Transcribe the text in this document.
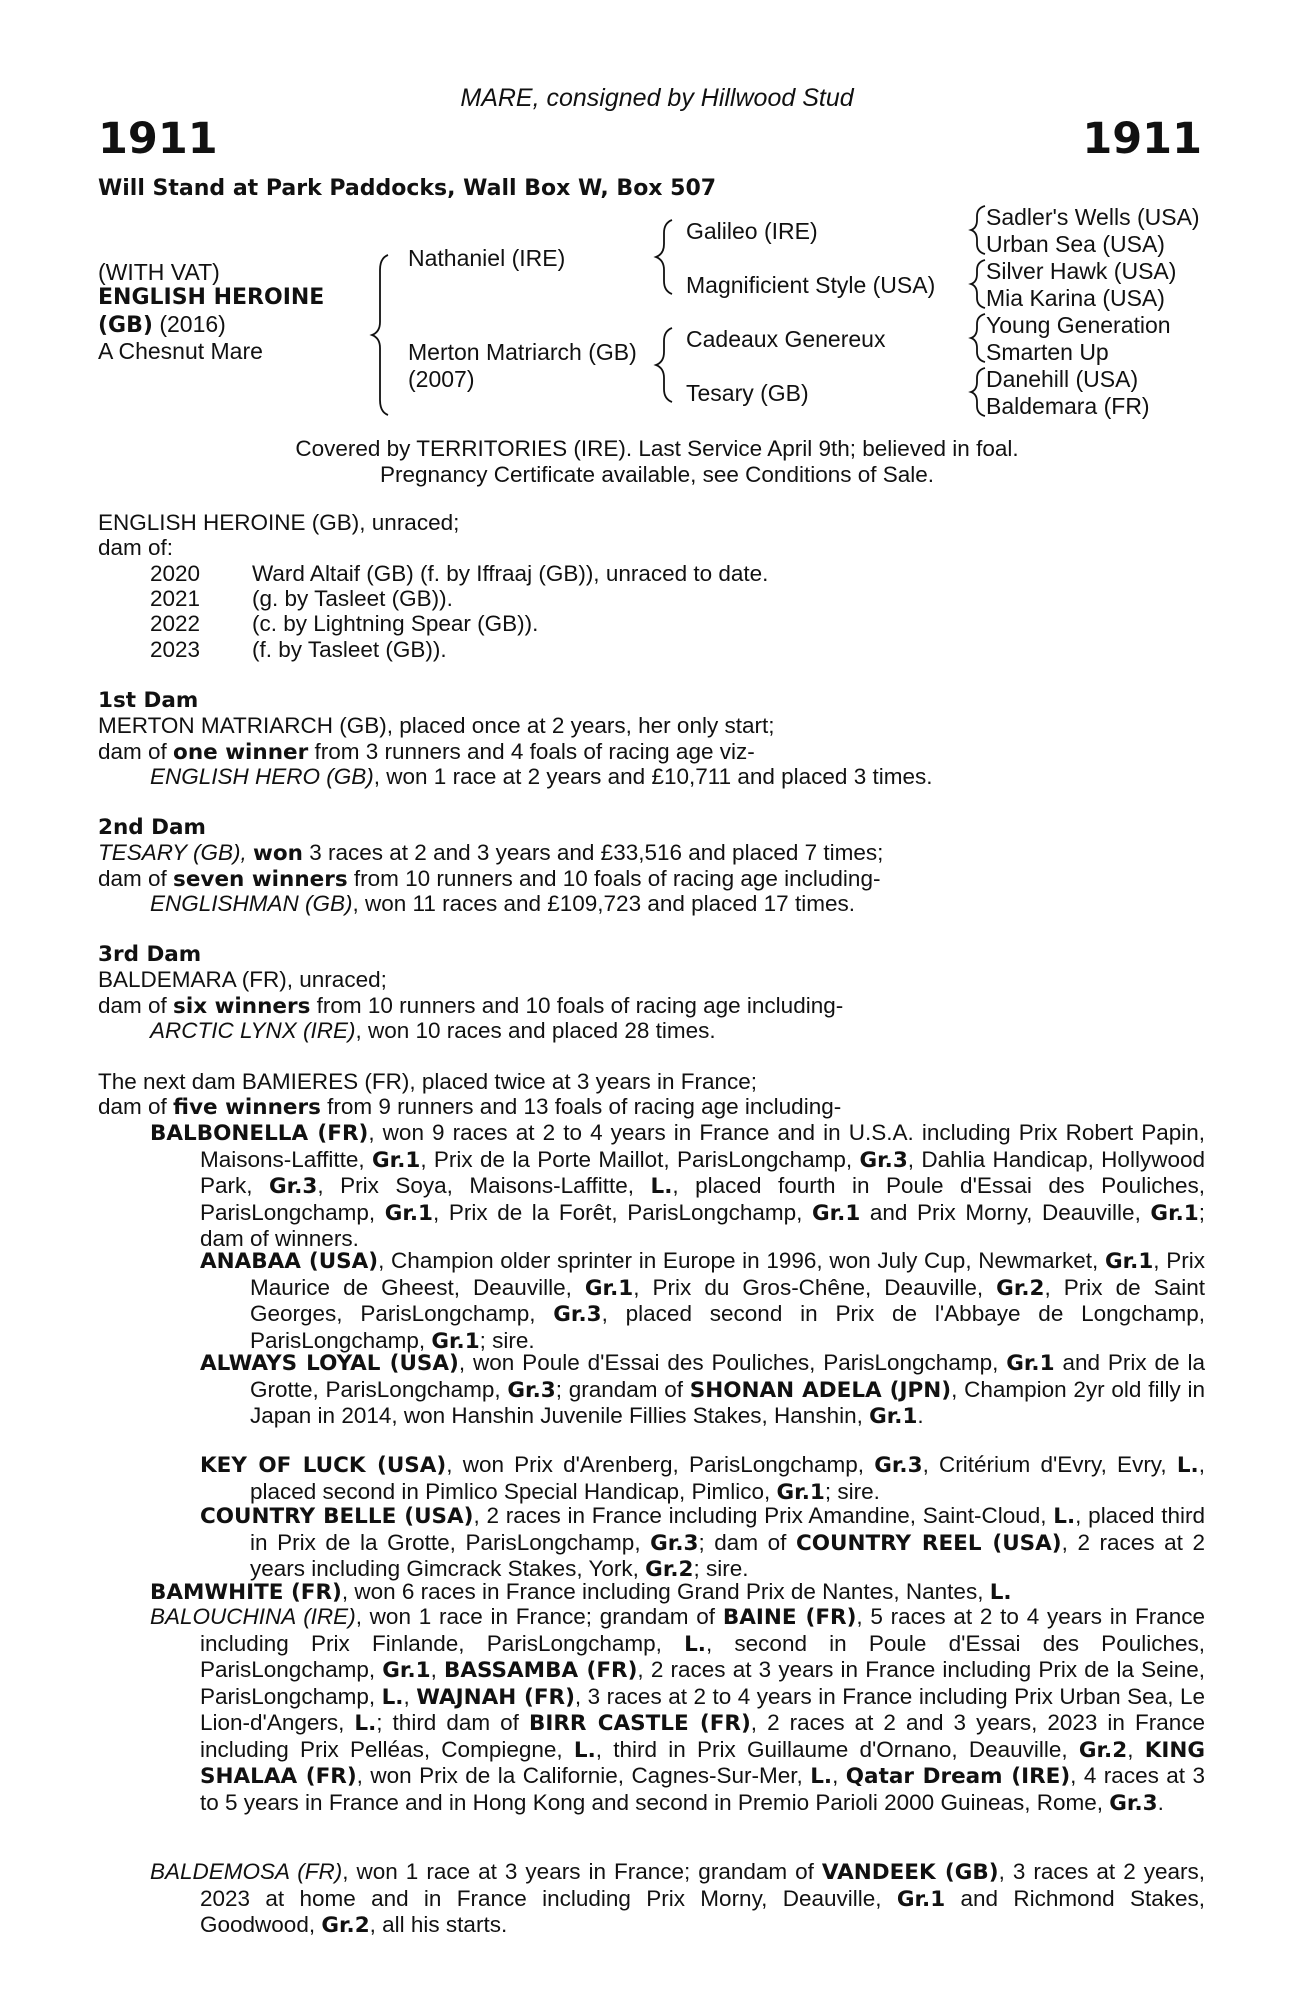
MARE, consigned by Hillwood Stud
1911	1911
Will Stand at Park Paddocks, Wall Box W, Box 507
(WITH VAT)
ENGLISH HEROINE
(GB) (2016)
A Chesnut Mare
Nathaniel (IRE)
Merton Matriarch (GB)
(2007)
Galileo (IRE)
Magnificient Style (USA)
Cadeaux Genereux
Tesary (GB)
Sadler's Wells (USA)
Urban Sea (USA)
Silver Hawk (USA)
Mia Karina (USA)
Young Generation
Smarten Up
Danehill (USA)
Baldemara (FR)
Covered by TERRITORIES (IRE). Last Service April 9th; believed in foal.
Pregnancy Certificate available, see Conditions of Sale.
ENGLISH HEROINE (GB), unraced;
dam of:
2020 Ward Altaif (GB) (f. by Iffraaj (GB)), unraced to date.
2021 (g. by Tasleet (GB)).
2022 (c. by Lightning Spear (GB)).
2023 (f. by Tasleet (GB)).
1st Dam
MERTON MATRIARCH (GB), placed once at 2 years, her only start;
dam of one winner from 3 runners and 4 foals of racing age viz-
ENGLISH HERO (GB), won 1 race at 2 years and £10,711 and placed 3 times.
2nd Dam
TESARY (GB), won 3 races at 2 and 3 years and £33,516 and placed 7 times;
dam of seven winners from 10 runners and 10 foals of racing age including-
ENGLISHMAN (GB), won 11 races and £109,723 and placed 17 times.
3rd Dam
BALDEMARA (FR), unraced;
dam of six winners from 10 runners and 10 foals of racing age including-
ARCTIC LYNX (IRE), won 10 races and placed 28 times.
The next dam BAMIERES (FR), placed twice at 3 years in France;
dam of five winners from 9 runners and 13 foals of racing age including-

BALBONELLA (FR), won 9 races at 2 to 4 years in France and in U.S.A. including Prix Robert Papin, Maisons-Laffitte, Gr.1, Prix de la Porte Maillot, ParisLongchamp, Gr.3, Dahlia Handicap, Hollywood Park, Gr.3, Prix Soya, Maisons-Laffitte, L., placed fourth in Poule d'Essai des Pouliches, ParisLongchamp, Gr.1, Prix de la Forêt, ParisLongchamp, Gr.1 and Prix Morny, Deauville, Gr.1; dam of winners.

ANABAA (USA), Champion older sprinter in Europe in 1996, won July Cup, Newmarket, Gr.1, Prix Maurice de Gheest, Deauville, Gr.1, Prix du Gros-Chêne, Deauville, Gr.2, Prix de Saint Georges, ParisLongchamp, Gr.3, placed second in Prix de l'Abbaye de Longchamp, ParisLongchamp, Gr.1; sire.

ALWAYS LOYAL (USA), won Poule d'Essai des Pouliches, ParisLongchamp, Gr.1 and Prix de la Grotte, ParisLongchamp, Gr.3; grandam of SHONAN ADELA (JPN), Champion 2yr old filly in Japan in 2014, won Hanshin Juvenile Fillies Stakes, Hanshin, Gr.1.

KEY OF LUCK (USA), won Prix d'Arenberg, ParisLongchamp, Gr.3, Critérium d'Evry, Evry, L., placed second in Pimlico Special Handicap, Pimlico, Gr.1; sire.

COUNTRY BELLE (USA), 2 races in France including Prix Amandine, Saint-Cloud, L., placed third in Prix de la Grotte, ParisLongchamp, Gr.3; dam of COUNTRY REEL (USA), 2 races at 2 years including Gimcrack Stakes, York, Gr.2; sire.

BAMWHITE (FR), won 6 races in France including Grand Prix de Nantes, Nantes, L.

BALOUCHINA (IRE), won 1 race in France; grandam of BAINE (FR), 5 races at 2 to 4 years in France including Prix Finlande, ParisLongchamp, L., second in Poule d'Essai des Pouliches, ParisLongchamp, Gr.1, BASSAMBA (FR), 2 races at 3 years in France including Prix de la Seine, ParisLongchamp, L., WAJNAH (FR), 3 races at 2 to 4 years in France including Prix Urban Sea, Le Lion-d'Angers, L.; third dam of BIRR CASTLE (FR), 2 races at 2 and 3 years, 2023 in France including Prix Pelléas, Compiegne, L., third in Prix Guillaume d'Ornano, Deauville, Gr.2, KING SHALAA (FR), won Prix de la Californie, Cagnes-Sur-Mer, L., Qatar Dream (IRE), 4 races at 3 to 5 years in France and in Hong Kong and second in Premio Parioli 2000 Guineas, Rome, Gr.3.

BALDEMOSA (FR), won 1 race at 3 years in France; grandam of VANDEEK (GB), 3 races at 2 years, 2023 at home and in France including Prix Morny, Deauville, Gr.1 and Richmond Stakes, Goodwood, Gr.2, all his starts.
